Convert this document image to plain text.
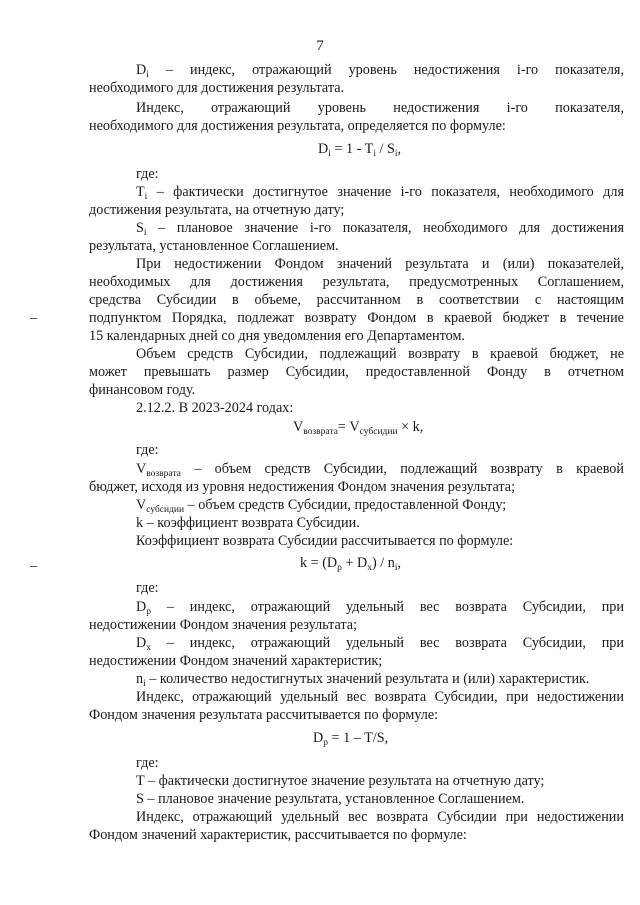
7
$D_i$ – индекс, отражающий уровень недостижения i-го показателя,
необходимого для достижения результата.
Индекс, отражающий уровень недостижения i-го показателя,
необходимого для достижения результата, определяется по формуле:
$D_i = 1 - T_i / S_i$,
где:
$T_i$ – фактически достигнутое значение i-го показателя, необходимого для
достижения результата, на отчетную дату;
$S_i$ – плановое значение i-го показателя, необходимого для достижения
результата, установленное Соглашением.
При недостижении Фондом значений результата и (или) показателей,
необходимых для достижения результата, предусмотренных Соглашением,
средства Субсидии в объеме, рассчитанном в соответствии с настоящим
подпунктом Порядка, подлежат возврату Фондом в краевой бюджет в течение
15 календарных дней со дня уведомления его Департаментом.
Объем средств Субсидии, подлежащий возврату в краевой бюджет, не
может превышать размер Субсидии, предоставленной Фонду в отчетном
финансовом году.
2.12.2. В 2023-2024 годах:
$V_{возврата}= V_{субсидии} \times k$,
где:
$V_{возврата}$ – объем средств Субсидии, подлежащий возврату в краевой
бюджет, исходя из уровня недостижения Фондом значения результата;
$V_{субсидии}$ – объем средств Субсидии, предоставленной Фонду;
k – коэффициент возврата Субсидии.
Коэффициент возврата Субсидии рассчитывается по формуле:
$k = (D_p + D_x) / n_i$,
где:
$D_p$ – индекс, отражающий удельный вес возврата Субсидии, при
недостижении Фондом значения результата;
$D_x$ – индекс, отражающий удельный вес возврата Субсидии, при
недостижении Фондом значений характеристик;
$n_i$ – количество недостигнутых значений результата и (или) характеристик.
Индекс, отражающий удельный вес возврата Субсидии, при недостижении
Фондом значения результата рассчитывается по формуле:
$D_p = 1 - T/S$,
где:
T – фактически достигнутое значение результата на отчетную дату;
S – плановое значение результата, установленное Соглашением.
Индекс, отражающий удельный вес возврата Субсидии при недостижении
Фондом значений характеристик, рассчитывается по формуле:
